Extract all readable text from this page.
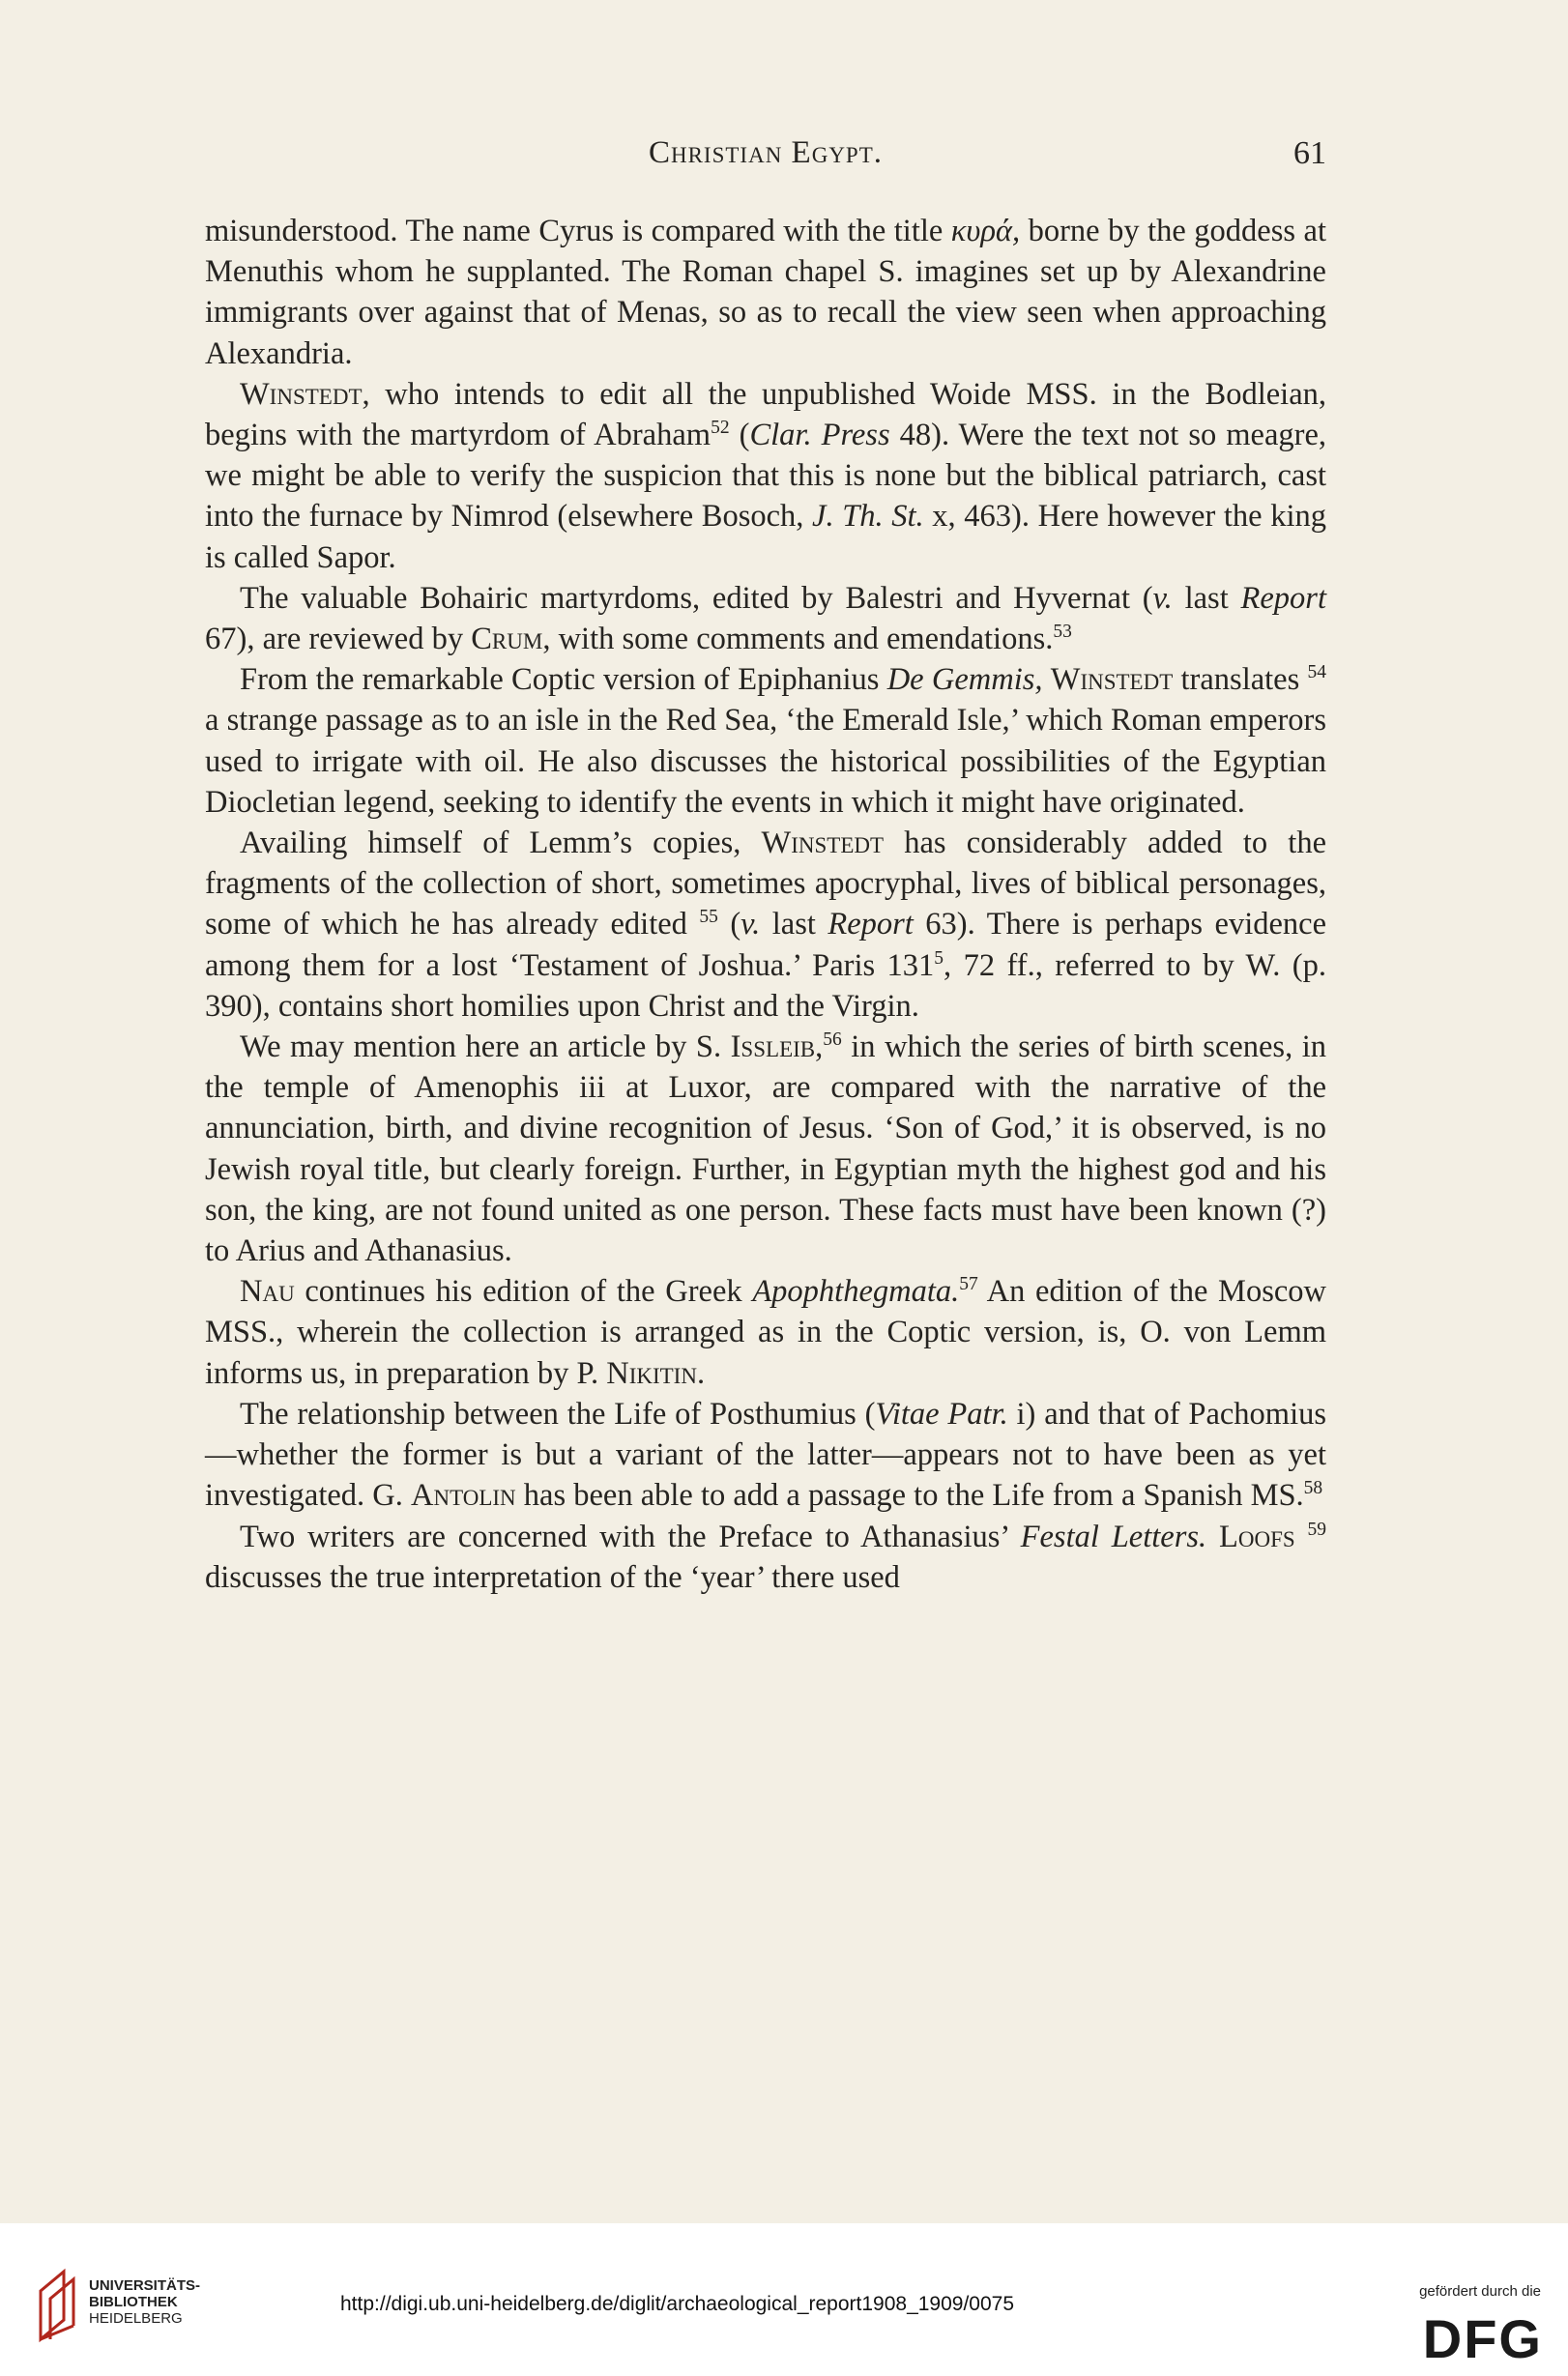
Christian Egypt.	61

misunderstood. The name Cyrus is compared with the title κυρά, borne by the goddess at Menuthis whom he supplanted. The Roman chapel S. imagines set up by Alexandrine immigrants over against that of Menas, so as to recall the view seen when approaching Alexandria.

Winstedt, who intends to edit all the unpublished Woide MSS. in the Bodleian, begins with the martyrdom of Abraham$^{52}$ (Clar. Press 48). Were the text not so meagre, we might be able to verify the suspicion that this is none but the biblical patriarch, cast into the furnace by Nimrod (elsewhere Bosoch, J. Th. St. x, 463). Here however the king is called Sapor.

The valuable Bohairic martyrdoms, edited by Balestri and Hyvernat (v. last Report 67), are reviewed by Crum, with some comments and emendations.$^{53}$

From the remarkable Coptic version of Epiphanius De Gemmis, Winstedt translates $^{54}$ a strange passage as to an isle in the Red Sea, ‘the Emerald Isle,’ which Roman emperors used to irrigate with oil. He also discusses the historical possibilities of the Egyptian Diocletian legend, seeking to identify the events in which it might have originated.

Availing himself of Lemm’s copies, Winstedt has considerably added to the fragments of the collection of short, sometimes apocryphal, lives of biblical personages, some of which he has already edited $^{55}$ (v. last Report 63). There is perhaps evidence among them for a lost ‘Testament of Joshua.’ Paris $131^5$, 72 ff., referred to by W. (p. 390), contains short homilies upon Christ and the Virgin.

We may mention here an article by S. Issleib,$^{56}$ in which the series of birth scenes, in the temple of Amenophis iii at Luxor, are compared with the narrative of the annunciation, birth, and divine recognition of Jesus. ‘Son of God,’ it is observed, is no Jewish royal title, but clearly foreign. Further, in Egyptian myth the highest god and his son, the king, are not found united as one person. These facts must have been known (?) to Arius and Athanasius.

Nau continues his edition of the Greek Apophthegmata.$^{57}$ An edition of the Moscow MSS., wherein the collection is arranged as in the Coptic version, is, O. von Lemm informs us, in preparation by P. Nikitin.

The relationship between the Life of Posthumius (Vitae Patr. i) and that of Pachomius—whether the former is but a variant of the latter—appears not to have been as yet investigated. G. Antolin has been able to add a passage to the Life from a Spanish MS.$^{58}$

Two writers are concerned with the Preface to Athanasius’ Festal Letters. Loofs $^{59}$ discusses the true interpretation of the ‘year’ there used

UNIVERSITÄTS-
BIBLIOTHEK
HEIDELBERG
http://digi.ub.uni-heidelberg.de/diglit/archaeological_report1908_1909/0075
gefördert durch die
DFG
